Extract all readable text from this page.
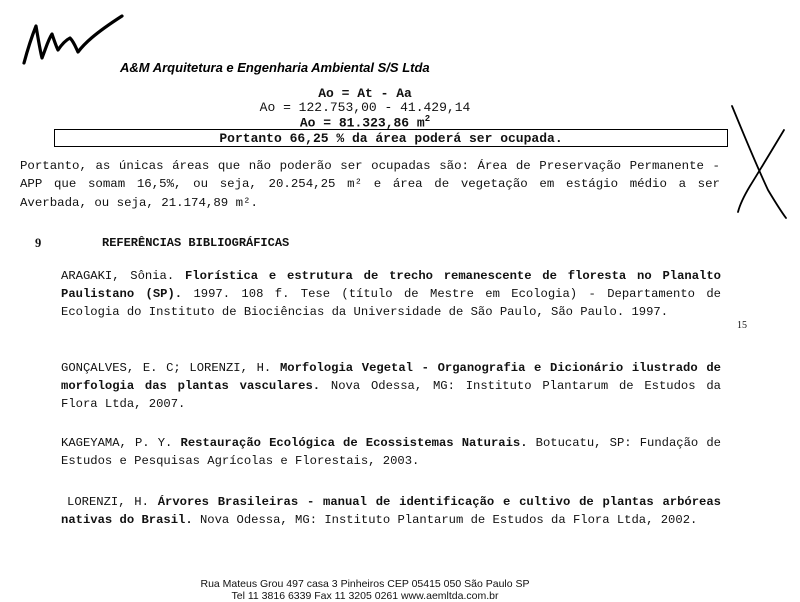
A&M Arquitetura e Engenharia Ambiental S/S Ltda
Ao = At - Aa
Ao = 122.753,00 - 41.429,14
Ao = 81.323,86 $m^2$
Portanto 66,25 % da área poderá ser ocupada.
Portanto, as únicas áreas que não poderão ser ocupadas são: Área de Preservação Permanente - APP que somam 16,5%, ou seja, 20.254,25 m² e área de vegetação em estágio médio a ser Averbada, ou seja, 21.174,89 m².
9	REFERÊNCIAS BIBLIOGRÁFICAS
ARAGAKI, Sônia. Florística e estrutura de trecho remanescente de floresta no Planalto Paulistano (SP). 1997. 108 f. Tese (título de Mestre em Ecologia) - Departamento de Ecologia do Instituto de Biociências da Universidade de São Paulo, São Paulo. 1997.
GONÇALVES, E. C; LORENZI, H. Morfologia Vegetal - Organografia e Dicionário ilustrado de morfologia das plantas vasculares. Nova Odessa, MG: Instituto Plantarum de Estudos da Flora Ltda, 2007.
KAGEYAMA, P. Y. Restauração Ecológica de Ecossistemas Naturais. Botucatu, SP: Fundação de Estudos e Pesquisas Agrícolas e Florestais, 2003.
LORENZI, H. Árvores Brasileiras - manual de identificação e cultivo de plantas arbóreas nativas do Brasil. Nova Odessa, MG: Instituto Plantarum de Estudos da Flora Ltda, 2002.
15
Rua Mateus Grou 497 casa 3 Pinheiros CEP 05415 050 São Paulo SP
Tel 11 3816 6339 Fax 11 3205 0261 www.aemltda.com.br
